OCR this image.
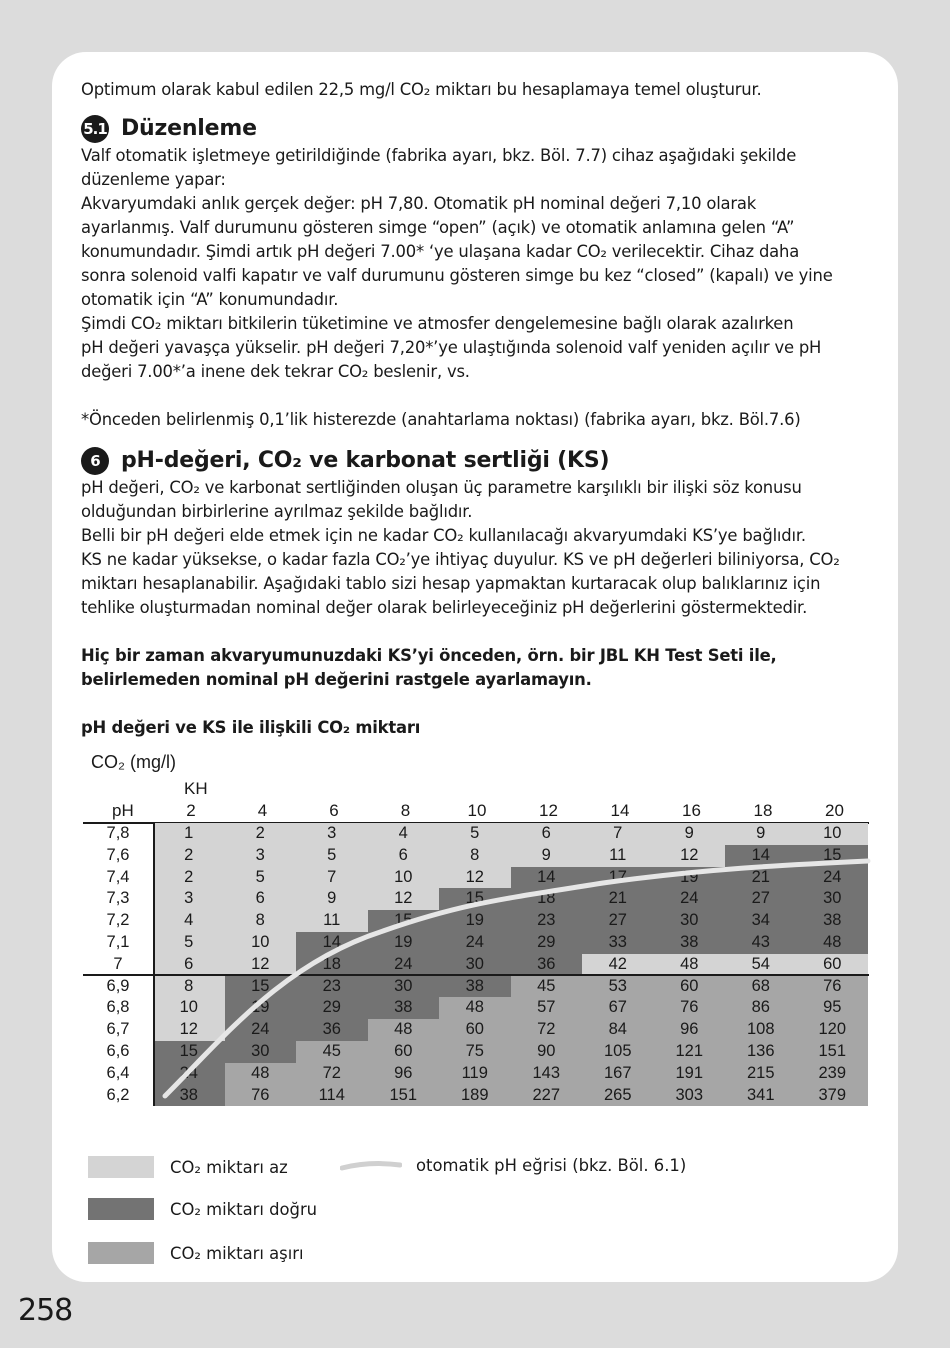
Optimum olarak kabul edilen 22,5 mg/l CO₂ miktarı bu hesaplamaya temel oluşturur.

5.1 Düzenleme

Valf otomatik işletmeye getirildiğinde (fabrika ayarı, bkz. Böl. 7.7) cihaz aşağıdaki şekilde

düzenleme yapar:

Akvaryumdaki anlık gerçek değer: pH 7,80. Otomatik pH nominal değeri 7,10 olarak

ayarlanmış. Valf durumunu gösteren simge “open” (açık) ve otomatik anlamına gelen “A”

konumundadır. Şimdi artık pH değeri 7.00* ‘ye ulaşana kadar CO₂ verilecektir. Cihaz daha

sonra solenoid valfi kapatır ve valf durumunu gösteren simge bu kez “closed” (kapalı) ve yine

otomatik için “A” konumundadır.

Şimdi CO₂ miktarı bitkilerin tüketimine ve atmosfer dengelemesine bağlı olarak azalırken

pH değeri yavaşça yükselir. pH değeri 7,20*’ye ulaştığında solenoid valf yeniden açılır ve pH

değeri 7.00*’a inene dek tekrar CO₂ beslenir, vs.

*Önceden belirlenmiş 0,1’lik histerezde (anahtarlama noktası) (fabrika ayarı, bkz. Böl.7.6)

6 pH-değeri, CO₂ ve karbonat sertliği (KS)

pH değeri, CO₂ ve karbonat sertliğinden oluşan üç parametre karşılıklı bir ilişki söz konusu

olduğundan birbirlerine ayrılmaz şekilde bağlıdır.

Belli bir pH değeri elde etmek için ne kadar CO₂ kullanılacağı akvaryumdaki KS’ye bağlıdır.

KS ne kadar yüksekse, o kadar fazla CO₂’ye ihtiyaç duyulur. KS ve pH değerleri biliniyorsa, CO₂

miktarı hesaplanabilir. Aşağıdaki tablo sizi hesap yapmaktan kurtaracak olup balıklarınız için

tehlike oluşturmadan nominal değer olarak belirleyeceğiniz pH değerlerini göstermektedir.

Hiç bir zaman akvaryumunuzdaki KS’yi önceden, örn. bir JBL KH Test Seti ile,

belirlemeden nominal pH değerini rastgele ayarlamayın.

pH değeri ve KS ile ilişkili CO₂ miktarı

CO₂ (mg/l)
KH
pH	2	4	6	8	10	12	14	16	18	20
7,8	1	2	3	4	5	6	7	9	9	10
7,6	2	3	5	6	8	9	11	12	14	15
7,4	2	5	7	10	12	14	17	19	21	24
7,3	3	6	9	12	15	18	21	24	27	30
7,2	4	8	11	15	19	23	27	30	34	38
7,1	5	10	14	19	24	29	33	38	43	48
7	6	12	18	24	30	36	42	48	54	60
6,9	8	15	23	30	38	45	53	60	68	76
6,8	10	19	29	38	48	57	67	76	86	95
6,7	12	24	36	48	60	72	84	96	108	120
6,6	15	30	45	60	75	90	105	121	136	151
6,4	24	48	72	96	119	143	167	191	215	239
6,2	38	76	114	151	189	227	265	303	341	379
CO₂ miktarı az
CO₂ miktarı doğru
CO₂ miktarı aşırı
otomatik pH eğrisi (bkz. Böl. 6.1)
258
